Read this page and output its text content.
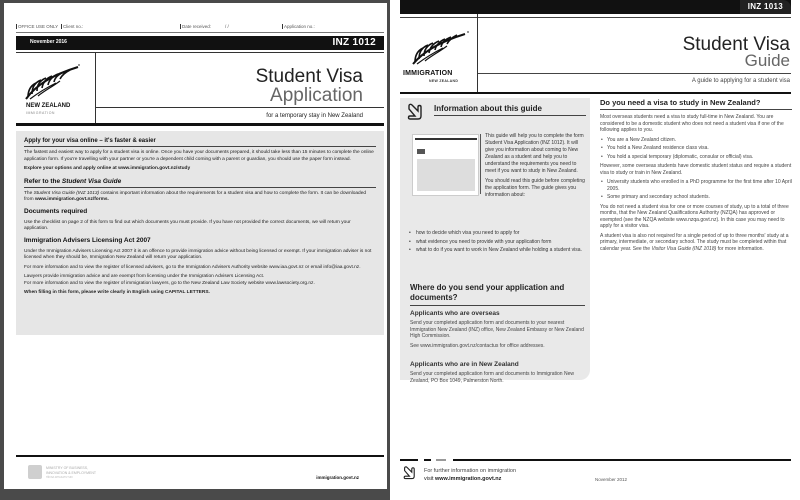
OFFICE USE ONLY	Client no.:	Date received:	/ /	Application no.:
November 2016	INZ 1012
NEW ZEALAND
IMMIGRATION
Student Visa
Application
for a temporary stay in New Zealand
Apply for your visa online – it's faster & easier

The fastest and easiest way to apply for a student visa is online. Once you have your documents prepared, it should take less than 15 minutes to complete the online application form. If you're travelling with your partner or you're a dependent child coming with a parent or guardian, you should use the paper form instead.

Explore your options and apply online at www.immigration.govt.nz/study

Refer to the Student Visa Guide

The Student Visa Guide (INZ 1013) contains important information about the requirements for a student visa and how to complete the form. It can be downloaded from www.immigration.govt.nz/forms.

Documents required

Use the checklist on page 2 of this form to find out which documents you must provide. If you have not provided the correct documents, we will return your application.

Immigration Advisers Licensing Act 2007

Under the Immigration Advisers Licensing Act 2007 it is an offence to provide immigration advice without being licensed or exempt. If your immigration adviser is not licensed when they should be, Immigration New Zealand will return your application.

For more information and to view the register of licensed advisers, go to the Immigration Advisers Authority website www.iaa.govt.nz or email info@iaa.govt.nz.

Lawyers provide immigration advice and are exempt from licensing under the Immigration Advisers Licensing Act.

For more information and to view the register of immigration lawyers, go to the New Zealand Law Society website www.lawsociety.org.nz.

When filling in this form, please write clearly in English using CAPITAL LETTERS.

MINISTRY OF BUSINESS,
INNOVATION & EMPLOYMENT
HĪKINA WHAKATUTUKI	immigration.govt.nz
INZ 1013
IMMIGRATION
NEW ZEALAND
Student Visa
Guide
A guide to applying for a student visa
Information about this guide

This guide will help you to complete the form Student Visa Application (INZ 1012). It will give you information about coming to New Zealand as a student and help you to understand the requirements you need to meet if you want to study in New Zealand.

You should read this guide before completing the application form. The guide gives you information about:

• how to decide which visa you need to apply for
• what evidence you need to provide with your application form
• what to do if you want to work in New Zealand while holding a student visa.
Where do you send your application and documents?
Applicants who are overseas
Send your completed application form and documents to your nearest Immigration New Zealand (INZ) office, New Zealand Embassy or New Zealand High Commission.
See www.immigration.govt.nz/contactus for office addresses.
Applicants who are in New Zealand
Send your completed application form and documents to Immigration New Zealand, PO Box 1049, Palmerston North.
Do you need a visa to study in New Zealand?

Most overseas students need a visa to study full-time in New Zealand. You are considered to be a domestic student who does not need a student visa if one of the following applies to you.

• You are a New Zealand citizen.
• You hold a New Zealand residence class visa.
• You hold a special temporary (diplomatic, consular or official) visa.

However, some overseas students have domestic student status and require a student visa to study or train in New Zealand.

• University students who enrolled in a PhD programme for the first time after 10 April 2005.
• Some primary and secondary school students.

You do not need a student visa for one or more courses of study, up to a total of three months, that the New Zealand Qualifications Authority (NZQA) has approved or exempted (see the NZQA website www.nzqa.govt.nz). In this case you may need to apply for a visitor visa.

A student visa is also not required for a single period of up to three months' study at a primary, intermediate, or secondary school. The study must be completed within that calendar year. See the Visitor Visa Guide (INZ 1018) for more information.

For further information on immigration
visit www.immigration.govt.nz	November 2012
